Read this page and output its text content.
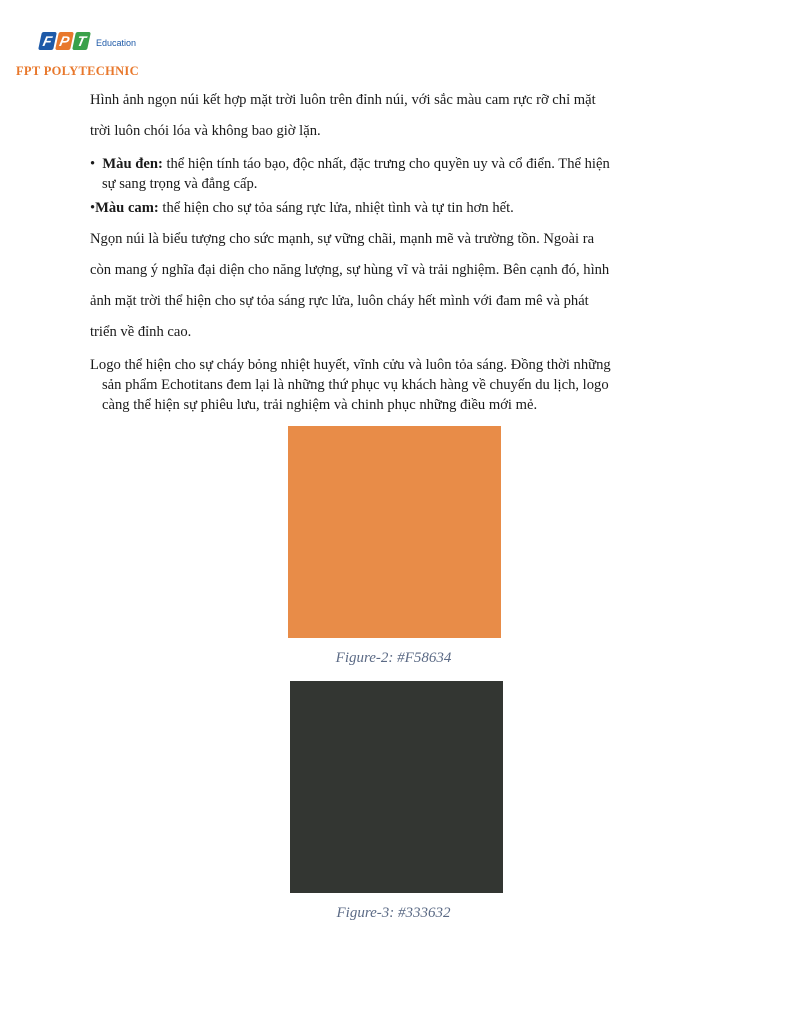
F P T Education
FPT POLYTECHNIC

Hình ảnh ngọn núi kết hợp mặt trời luôn trên đỉnh núi, với sắc màu cam rực rỡ chỉ mặt

trời luôn chói lóa và không bao giờ lặn.

• Màu đen: thể hiện tính táo bạo, độc nhất, đặc trưng cho quyền uy và cổ điển. Thể hiện
sự sang trọng và đẳng cấp.
•Màu cam: thể hiện cho sự tỏa sáng rực lửa, nhiệt tình và tự tin hơn hết.

Ngọn núi là biểu tượng cho sức mạnh, sự vững chãi, mạnh mẽ và trường tồn. Ngoài ra

còn mang ý nghĩa đại diện cho năng lượng, sự hùng vĩ và trải nghiệm. Bên cạnh đó, hình

ảnh mặt trời thể hiện cho sự tỏa sáng rực lửa, luôn cháy hết mình với đam mê và phát

triển về đỉnh cao.

Logo thể hiện cho sự cháy bỏng nhiệt huyết, vĩnh cửu và luôn tỏa sáng. Đồng thời những

sản phẩm Echotitans đem lại là những thứ phục vụ khách hàng về chuyến du lịch, logo

càng thể hiện sự phiêu lưu, trải nghiệm và chinh phục những điều mới mẻ.

Figure-2: #F58634
Figure-3: #333632
